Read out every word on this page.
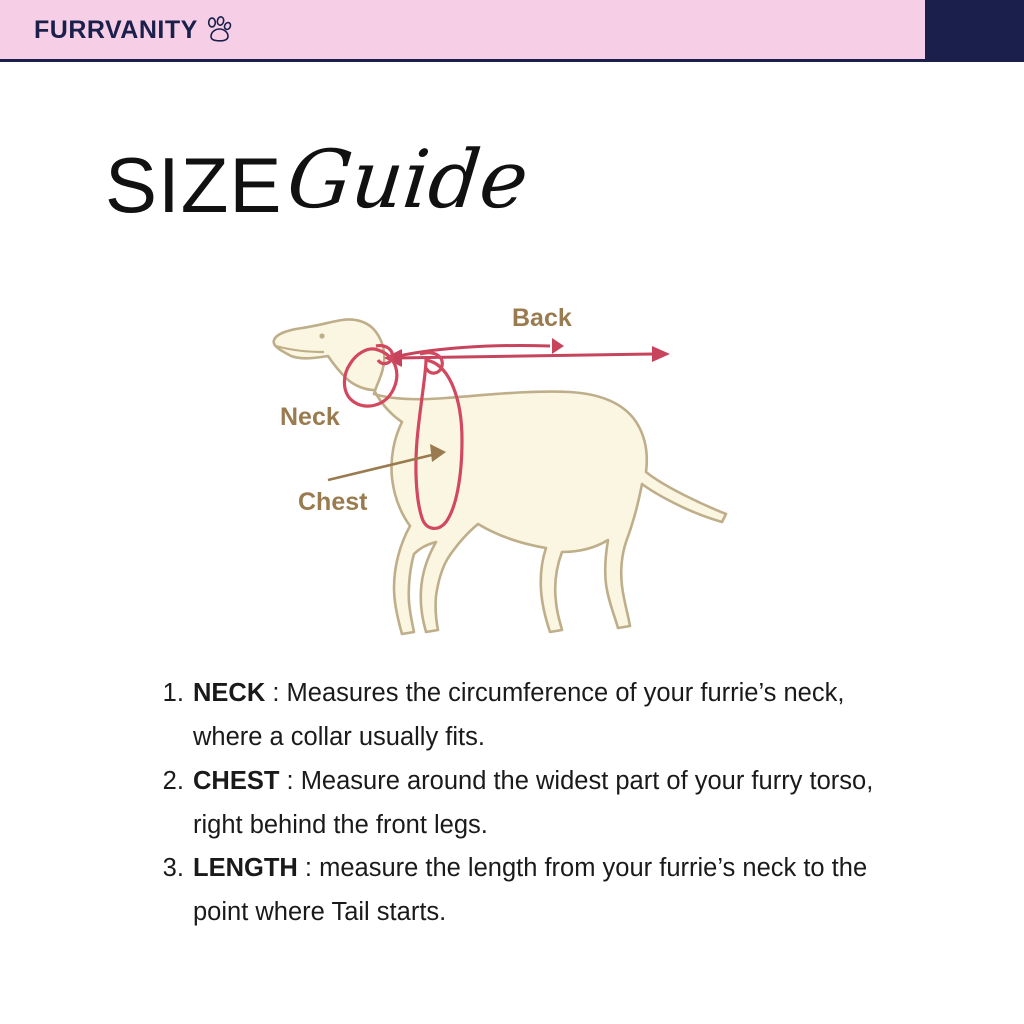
FURRVANITY
SIZE Guide
Back
Neck
Chest
1. NECK : Measures the circumference of your furrie’s neck, where a collar usually fits.
2. CHEST : Measure around the widest part of your furry torso, right behind the front legs.
3. LENGTH : measure the length from your furrie’s neck to the point where Tail starts.
